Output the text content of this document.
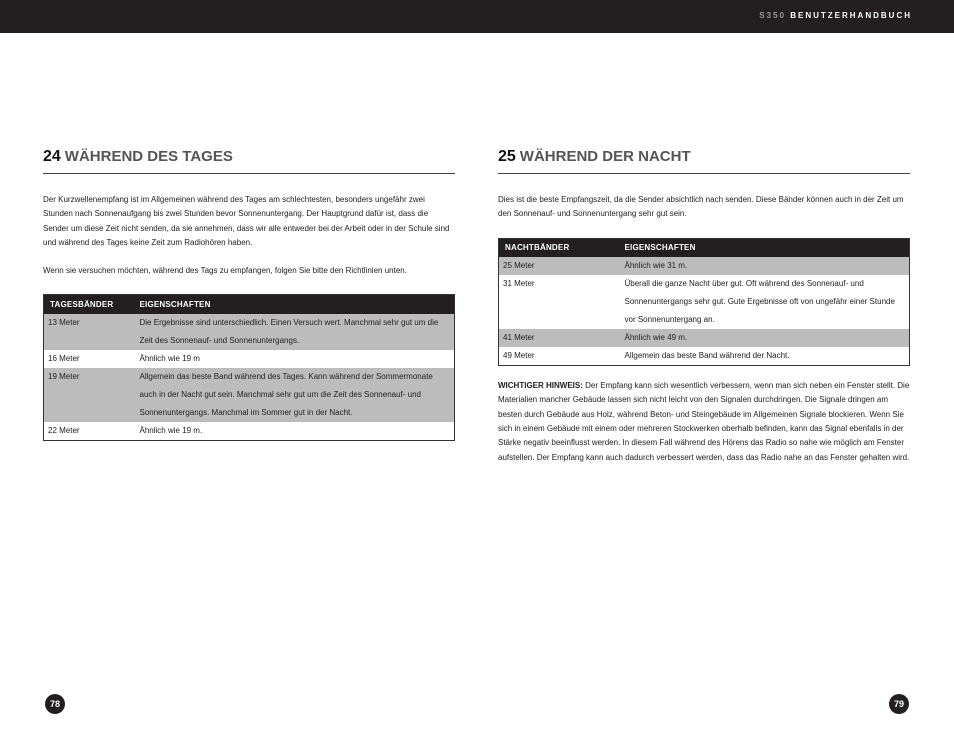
S350 BENUTZERHANDBUCH
24 WÄHREND DES TAGES

Der Kurzwellenempfang ist im Allgemeinen während des Tages am schlechtesten, besonders ungefähr zwei Stunden nach Sonnenaufgang bis zwei Stunden bevor Sonnenuntergang. Der Hauptgrund dafür ist, dass die Sender um diese Zeit nicht senden, da sie annehmen, dass wir alle entweder bei der Arbeit oder in der Schule sind und während des Tages keine Zeit zum Radiohören haben.

Wenn sie versuchen möchten, während des Tags zu empfangen, folgen Sie bitte den Richtlinien unten.

TAGESBÄNDER	EIGENSCHAFTEN
13 Meter	Die Ergebnisse sind unterschiedlich. Einen Versuch wert. Manchmal sehr gut um die Zeit des Sonnenauf- und Sonnenuntergangs.
16 Meter	Ähnlich wie 19 m
19 Meter	Allgemein das beste Band während des Tages. Kann während der Sommermonate auch in der Nacht gut sein. Manchmal sehr gut um die Zeit des Sonnenauf- und Sonnenuntergangs. Manchmal im Sommer gut in der Nacht.
22 Meter	Ähnlich wie 19 m.
25 WÄHREND DER NACHT

Dies ist die beste Empfangszeit, da die Sender absichtlich nach senden. Diese Bänder können auch in der Zeit um den Sonnenauf- und Sonnenuntergang sehr gut sein.

NACHTBÄNDER	EIGENSCHAFTEN
25 Meter	Ähnlich wie 31 m.
31 Meter	Überall die ganze Nacht über gut. Oft während des Sonnenauf- und Sonnenuntergangs sehr gut. Gute Ergebnisse oft von ungefähr einer Stunde vor Sonnenuntergang an.
41 Meter	Ähnlich wie 49 m.
49 Meter	Allgemein das beste Band während der Nacht.

WICHTIGER HINWEIS: Der Empfang kann sich wesentlich verbessern, wenn man sich neben ein Fenster stellt. Die Materialien mancher Gebäude lassen sich nicht leicht von den Signalen durchdringen. Die Signale dringen am besten durch Gebäude aus Holz, während Beton- und Steingebäude im Allgemeinen Signale blockieren. Wenn Sie sich in einem Gebäude mit einem oder mehreren Stockwerken oberhalb befinden, kann das Signal ebenfalls in der Stärke negativ beeinflusst werden. In diesem Fall während des Hörens das Radio so nahe wie möglich am Fenster aufstellen. Der Empfang kann auch dadurch verbessert werden, dass das Radio nahe an das Fenster gehalten wird.

78	79
